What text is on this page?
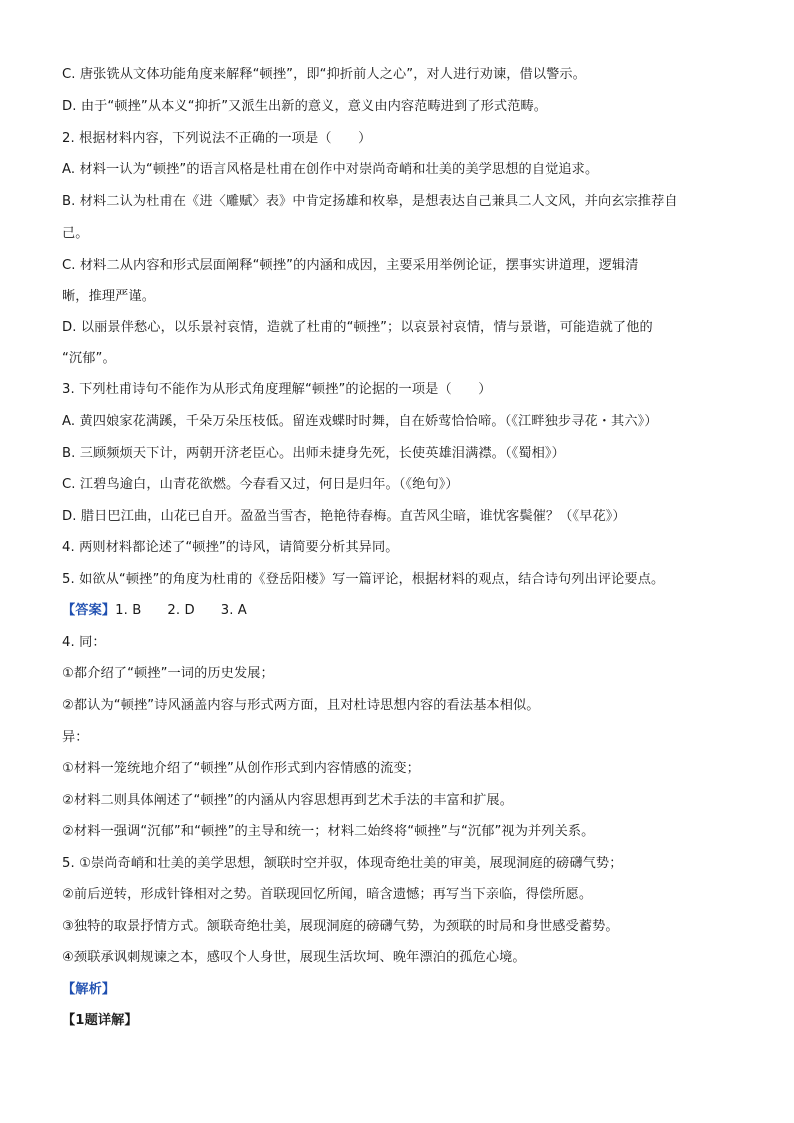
C. 唐张铣从文体功能角度来解释“顿挫”，即“抑折前人之心”，对人进行劝谏，借以警示。
D. 由于“顿挫”从本义“抑折”又派生出新的意义，意义由内容范畴进到了形式范畴。
2. 根据材料内容，下列说法不正确的一项是（　　）
A. 材料一认为“顿挫”的语言风格是杜甫在创作中对崇尚奇峭和壮美的美学思想的自觉追求。
B. 材料二认为杜甫在《进〈雕赋〉表》中肯定扬雄和枚皋，是想表达自己兼具二人文风，并向玄宗推荐自
己。
C. 材料二从内容和形式层面阐释“顿挫”的内涵和成因，主要采用举例论证，摆事实讲道理，逻辑清
晰，推理严谨。
D. 以丽景伴愁心，以乐景衬哀情，造就了杜甫的“顿挫”；以哀景衬哀情，情与景谐，可能造就了他的
“沉郁”。
3. 下列杜甫诗句不能作为从形式角度理解“顿挫”的论据的一项是（　　）
A. 黄四娘家花满蹊，千朵万朵压枝低。留连戏蝶时时舞，自在娇莺恰恰啼。（《江畔独步寻花・其六》）
B. 三顾频烦天下计，两朝开济老臣心。出师未捷身先死，长使英雄泪满襟。（《蜀相》）
C. 江碧鸟逾白，山青花欲燃。今春看又过，何日是归年。（《绝句》）
D. 腊日巴江曲，山花已自开。盈盈当雪杏，艳艳待春梅。直苦风尘暗，谁忧客鬓催？（《早花》）
4. 两则材料都论述了“顿挫”的诗风，请简要分析其异同。
5. 如欲从“顿挫”的角度为杜甫的《登岳阳楼》写一篇评论，根据材料的观点，结合诗句列出评论要点。
【答案】1. B 2. D 3. A
4. 同：
①都介绍了“顿挫”一词的历史发展；
②都认为“顿挫”诗风涵盖内容与形式两方面，且对杜诗思想内容的看法基本相似。
异：
①材料一笼统地介绍了“顿挫”从创作形式到内容情感的流变；
②材料二则具体阐述了“顿挫”的内涵从内容思想再到艺术手法的丰富和扩展。
②材料一强调“沉郁”和“顿挫”的主导和统一；材料二始终将“顿挫”与“沉郁”视为并列关系。
5. ①崇尚奇峭和壮美的美学思想，颔联时空并驭，体现奇绝壮美的审美，展现洞庭的磅礴气势；
②前后逆转，形成针锋相对之势。首联现回忆所闻，暗含遗憾；再写当下亲临，得偿所愿。
③独特的取景抒情方式。颔联奇绝壮美，展现洞庭的磅礴气势，为颈联的时局和身世感受蓄势。
④颈联承讽刺规谏之本，感叹个人身世，展现生活坎坷、晚年漂泊的孤危心境。
【解析】
【1题详解】
